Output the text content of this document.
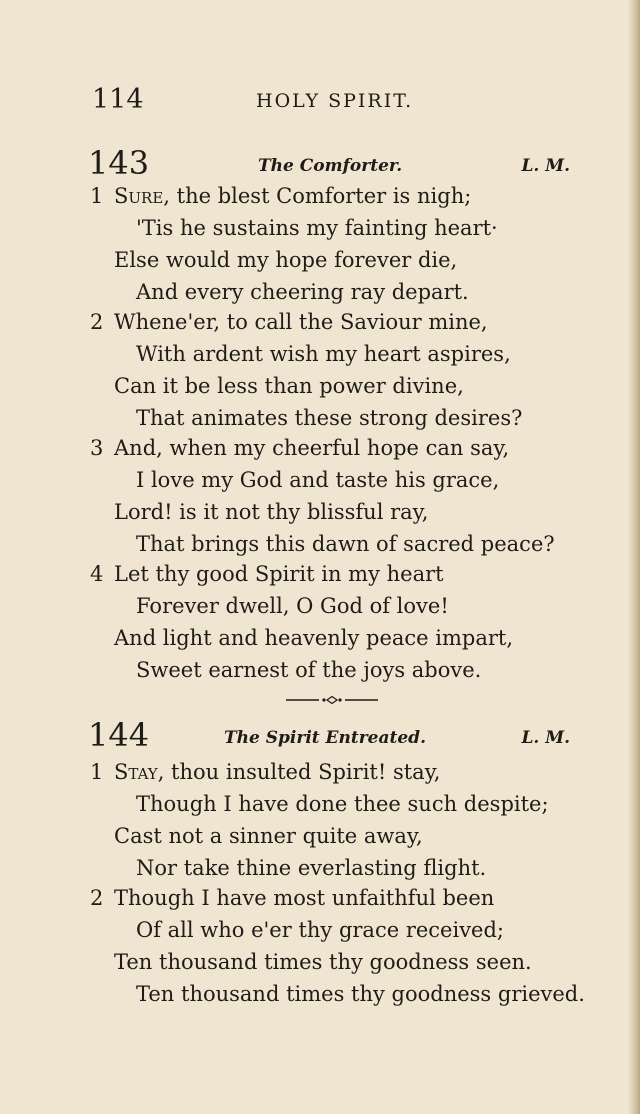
114	HOLY SPIRIT.
143	The Comforter.	L. M.
1 Sure, the blest Comforter is nigh;
'Tis he sustains my fainting heart·
Else would my hope forever die,
And every cheering ray depart.
2 Whene'er, to call the Saviour mine,
With ardent wish my heart aspires,
Can it be less than power divine,
That animates these strong desires?
3 And, when my cheerful hope can say,
I love my God and taste his grace,
Lord! is it not thy blissful ray,
That brings this dawn of sacred peace?
4 Let thy good Spirit in my heart
Forever dwell, O God of love!
And light and heavenly peace impart,
Sweet earnest of the joys above.
144	The Spirit Entreated.	L. M.
1 Stay, thou insulted Spirit! stay,
Though I have done thee such despite;
Cast not a sinner quite away,
Nor take thine everlasting flight.
2 Though I have most unfaithful been
Of all who e'er thy grace received;
Ten thousand times thy goodness seen.
Ten thousand times thy goodness grieved.
